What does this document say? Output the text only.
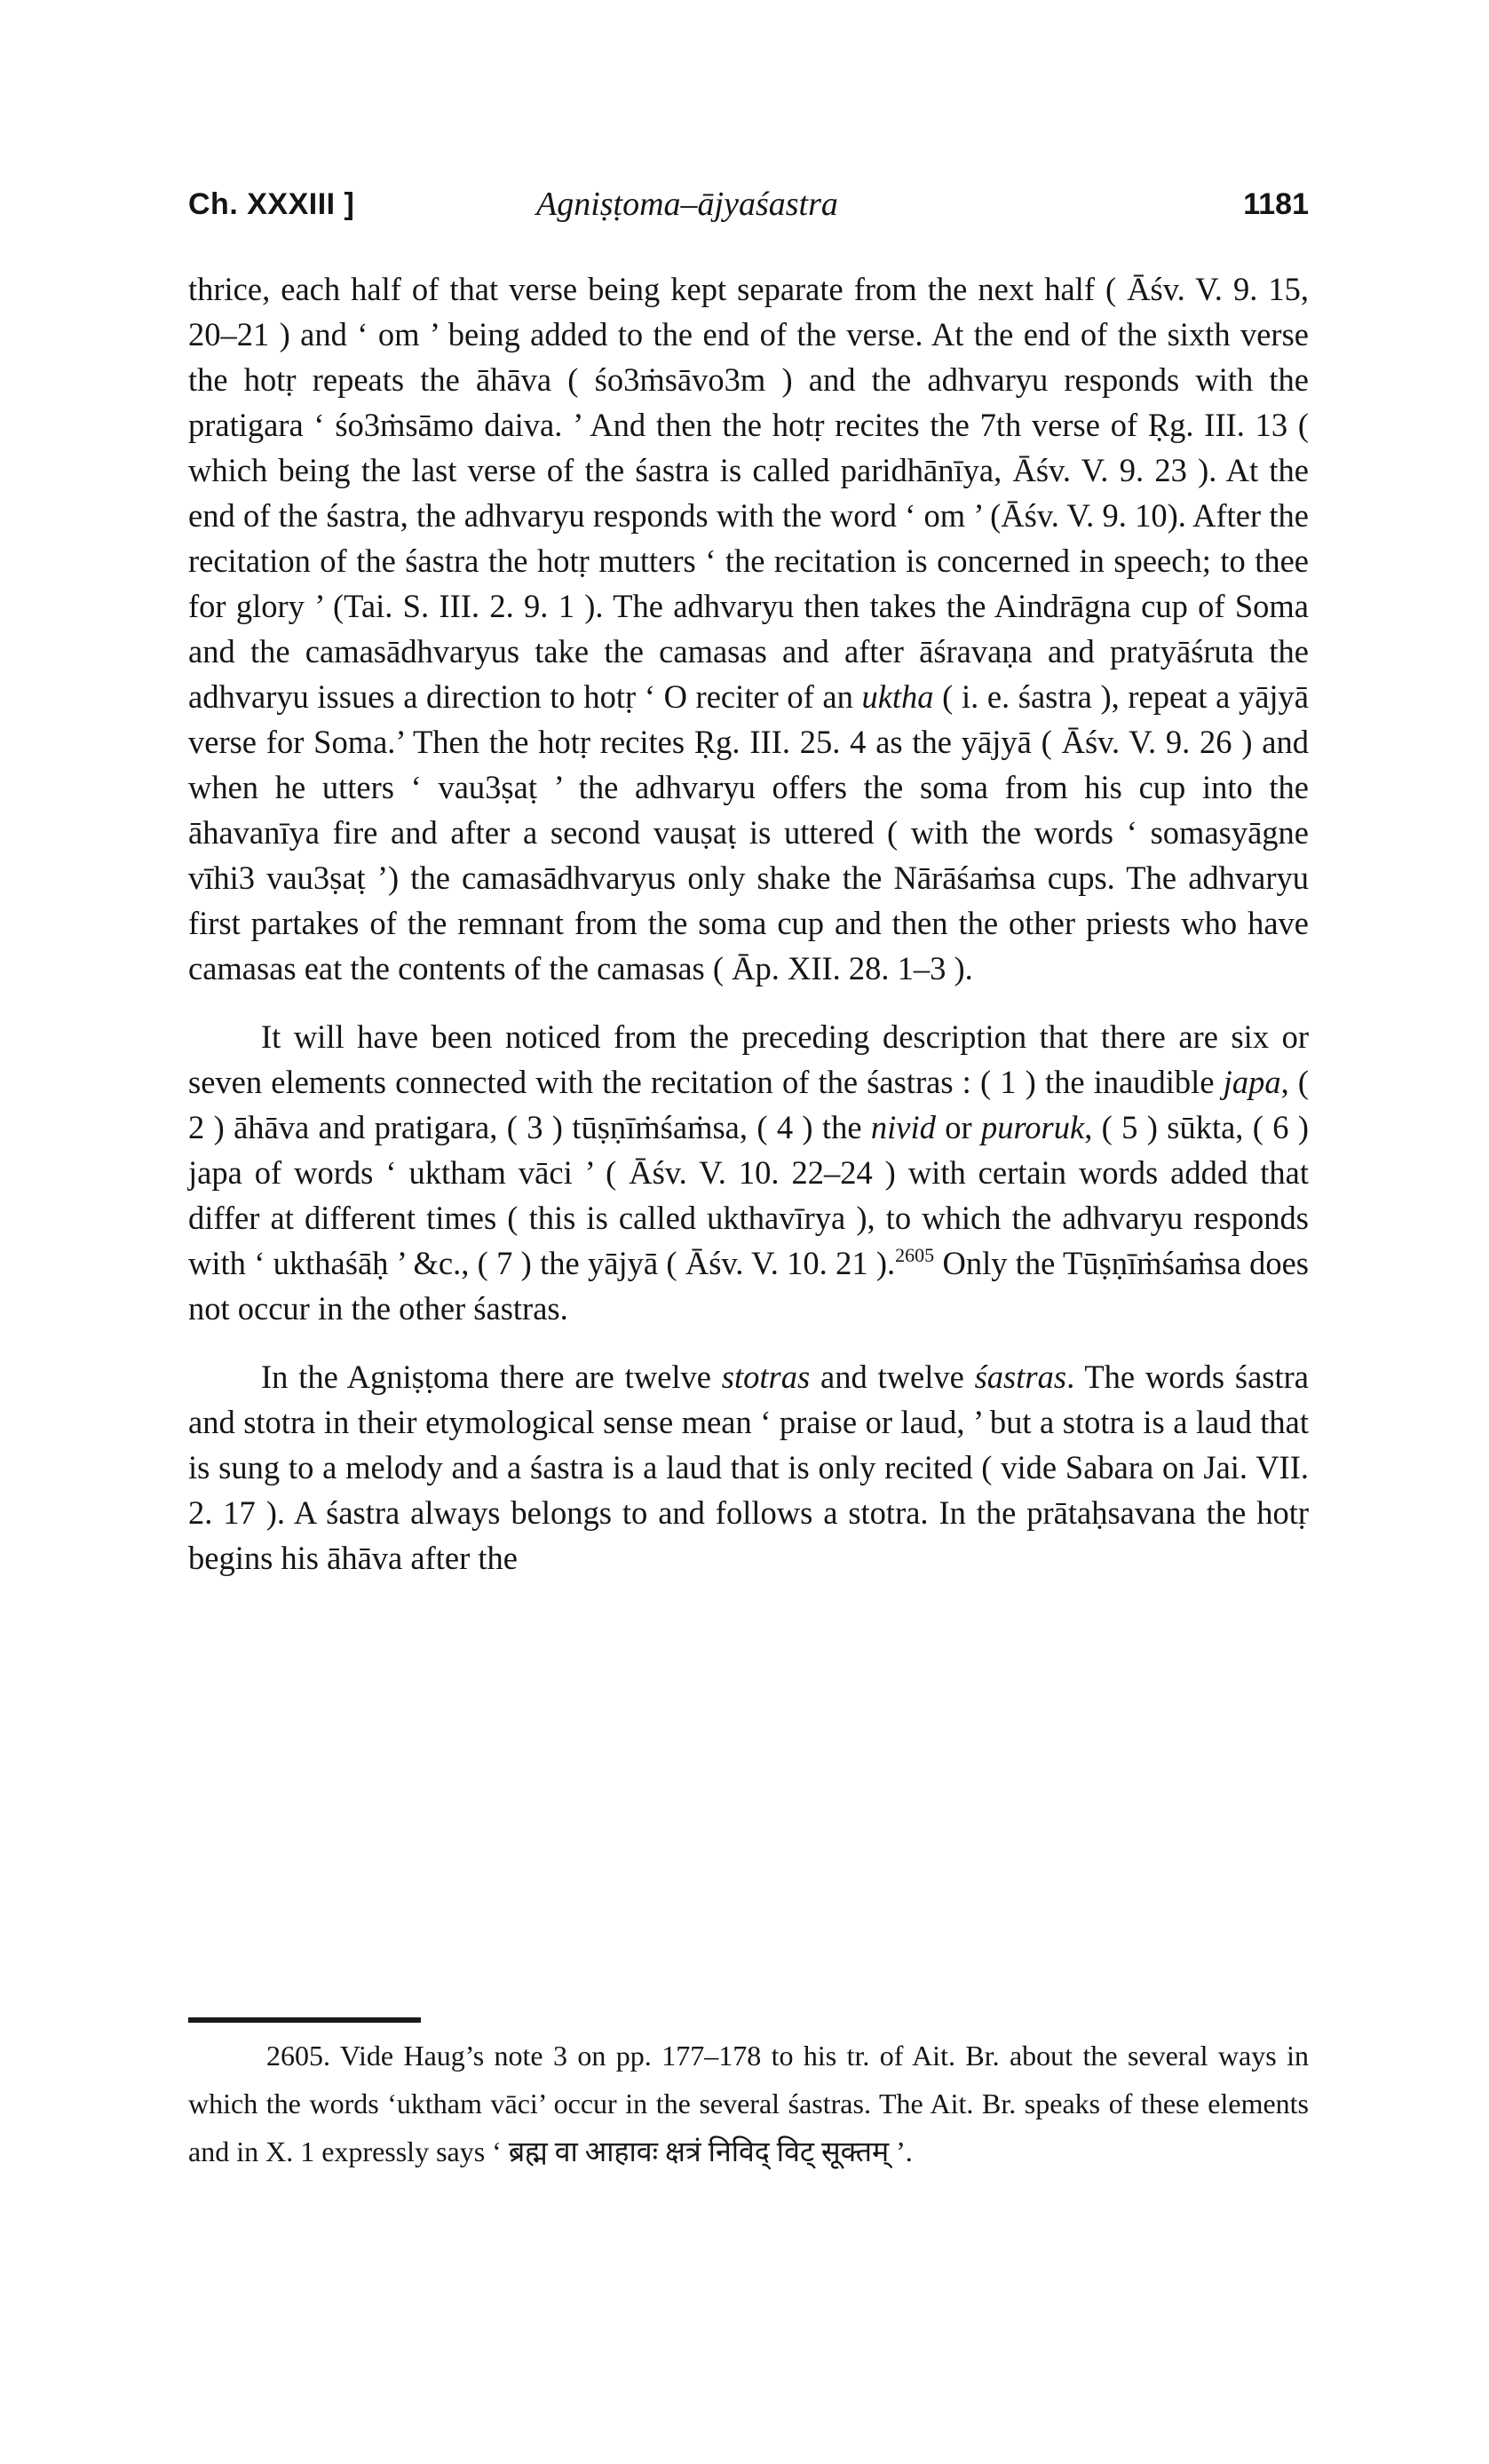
Ch. XXXIII ]	Agniṣṭoma–ājyaśastra	1181

thrice, each half of that verse being kept separate from the next half ( Āśv. V. 9. 15, 20–21 ) and ‘ om ’ being added to the end of the verse. At the end of the sixth verse the hotṛ repeats the āhāva ( śo3ṁsāvo3m ) and the adhvaryu responds with the pratigara ‘ śo3ṁsāmo daiva. ’ And then the hotṛ recites the 7th verse of Ṛg. III. 13 ( which being the last verse of the śastra is called paridhānīya, Āśv. V. 9. 23 ). At the end of the śastra, the adhvaryu responds with the word ‘ om ’ (Āśv. V. 9. 10). After the recitation of the śastra the hotṛ mutters ‘ the recitation is concerned in speech; to thee for glory ’ (Tai. S. III. 2. 9. 1 ). The adhvaryu then takes the Aindrāgna cup of Soma and the camasādhvaryus take the camasas and after āśravaṇa and pratyāśruta the adhvaryu issues a direction to hotṛ ‘ O reciter of an uktha ( i. e. śastra ), repeat a yājyā verse for Soma.’ Then the hotṛ recites Ṛg. III. 25. 4 as the yājyā ( Āśv. V. 9. 26 ) and when he utters ‘ vau3ṣaṭ ’ the adhvaryu offers the soma from his cup into the āhavanīya fire and after a second vauṣaṭ is uttered ( with the words ‘ somasyāgne vīhi3 vau3ṣaṭ ’) the camasādhvaryus only shake the Nārāśaṁsa cups. The adhvaryu first partakes of the remnant from the soma cup and then the other priests who have camasas eat the contents of the camasas ( Āp. XII. 28. 1–3 ).

It will have been noticed from the preceding description that there are six or seven elements connected with the recitation of the śastras : ( 1 ) the inaudible japa, ( 2 ) āhāva and pratigara, ( 3 ) tūṣṇīṁśaṁsa, ( 4 ) the nivid or puroruk, ( 5 ) sūkta, ( 6 ) japa of words ‘ uktham vāci ’ ( Āśv. V. 10. 22–24 ) with certain words added that differ at different times ( this is called ukthavīrya ), to which the adhvaryu responds with ‘ ukthaśāḥ ’ &c., ( 7 ) the yājyā ( Āśv. V. 10. 21 ).$^{2605}$ Only the Tūṣṇīṁśaṁsa does not occur in the other śastras.

In the Agniṣṭoma there are twelve stotras and twelve śastras. The words śastra and stotra in their etymological sense mean ‘ praise or laud, ’ but a stotra is a laud that is sung to a melody and a śastra is a laud that is only recited ( vide Sabara on Jai. VII. 2. 17 ). A śastra always belongs to and follows a stotra. In the prātaḥsavana the hotṛ begins his āhāva after the

2605. Vide Haug’s note 3 on pp. 177–178 to his tr. of Ait. Br. about the several ways in which the words ‘uktham vāci’ occur in the several śastras. The Ait. Br. speaks of these elements and in X. 1 expressly says ‘ ब्रह्म वा आहावः क्षत्रं निविद् विट् सूक्तम् ’.
